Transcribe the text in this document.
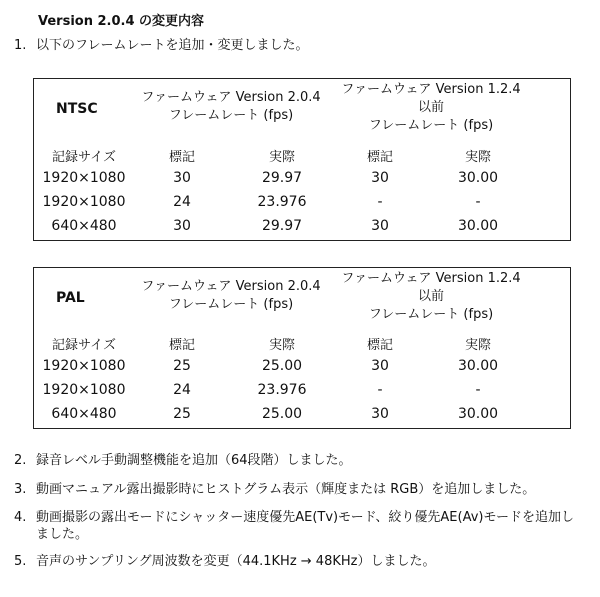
Version 2.0.4 の変更内容
1. 以下のフレームレートを追加・変更しました。
NTSC
ファームウェア Version 2.0.4
フレームレート (fps)
ファームウェア Version 1.2.4
以前
フレームレート (fps)
記録サイズ	標記	実際	標記	実際
1920×1080	30	29.97	30	30.00
1920×1080	24	23.976	-	-
640×480	30	29.97	30	30.00
PAL
ファームウェア Version 2.0.4
フレームレート (fps)
ファームウェア Version 1.2.4
以前
フレームレート (fps)
記録サイズ	標記	実際	標記	実際
1920×1080	25	25.00	30	30.00
1920×1080	24	23.976	-	-
640×480	25	25.00	30	30.00
2. 録音レベル手動調整機能を追加（64段階）しました。
3. 動画マニュアル露出撮影時にヒストグラム表示（輝度または RGB）を追加しました。
4. 動画撮影の露出モードにシャッター速度優先AE(Tv)モード、絞り優先AE(Av)モードを追加しました。
5. 音声のサンプリング周波数を変更（44.1KHz → 48KHz）しました。
